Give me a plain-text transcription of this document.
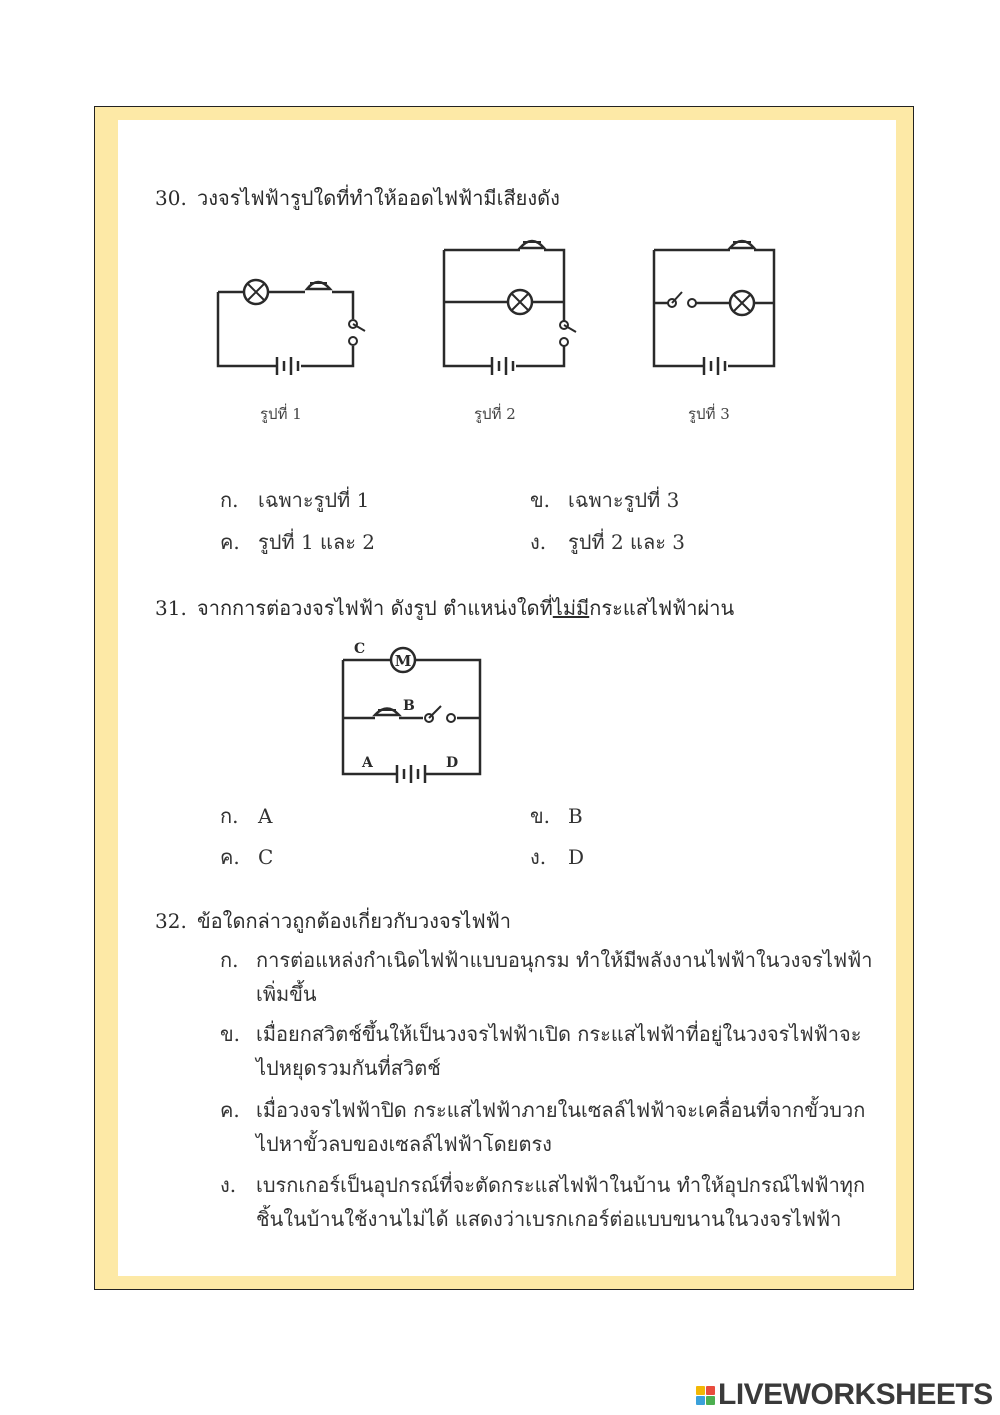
30. วงจรไฟฟ้ารูปใดที่ทำให้ออดไฟฟ้ามีเสียงดัง
รูปที่ 1	รูปที่ 2	รูปที่ 3
ก. เฉพาะรูปที่ 1	ข. เฉพาะรูปที่ 3
ค. รูปที่ 1 และ 2	ง. รูปที่ 2 และ 3
31. จากการต่อวงจรไฟฟ้า ดังรูป ตำแหน่งใดที่ไม่มีกระแสไฟฟ้าผ่าน
M
C
B
A	D
ก. A	ข. B
ค. C	ง. D
32. ข้อใดกล่าวถูกต้องเกี่ยวกับวงจรไฟฟ้า
ก. การต่อแหล่งกำเนิดไฟฟ้าแบบอนุกรม ทำให้มีพลังงานไฟฟ้าในวงจรไฟฟ้าเพิ่มขึ้น
ข. เมื่อยกสวิตช์ขึ้นให้เป็นวงจรไฟฟ้าเปิด กระแสไฟฟ้าที่อยู่ในวงจรไฟฟ้าจะไปหยุดรวมกันที่สวิตช์
ค. เมื่อวงจรไฟฟ้าปิด กระแสไฟฟ้าภายในเซลล์ไฟฟ้าจะเคลื่อนที่จากขั้วบวกไปหาขั้วลบของเซลล์ไฟฟ้าโดยตรง
ง. เบรกเกอร์เป็นอุปกรณ์ที่จะตัดกระแสไฟฟ้าในบ้าน ทำให้อุปกรณ์ไฟฟ้าทุกชิ้นในบ้านใช้งานไม่ได้ แสดงว่าเบรกเกอร์ต่อแบบขนานในวงจรไฟฟ้า
LIVEWORKSHEETS
